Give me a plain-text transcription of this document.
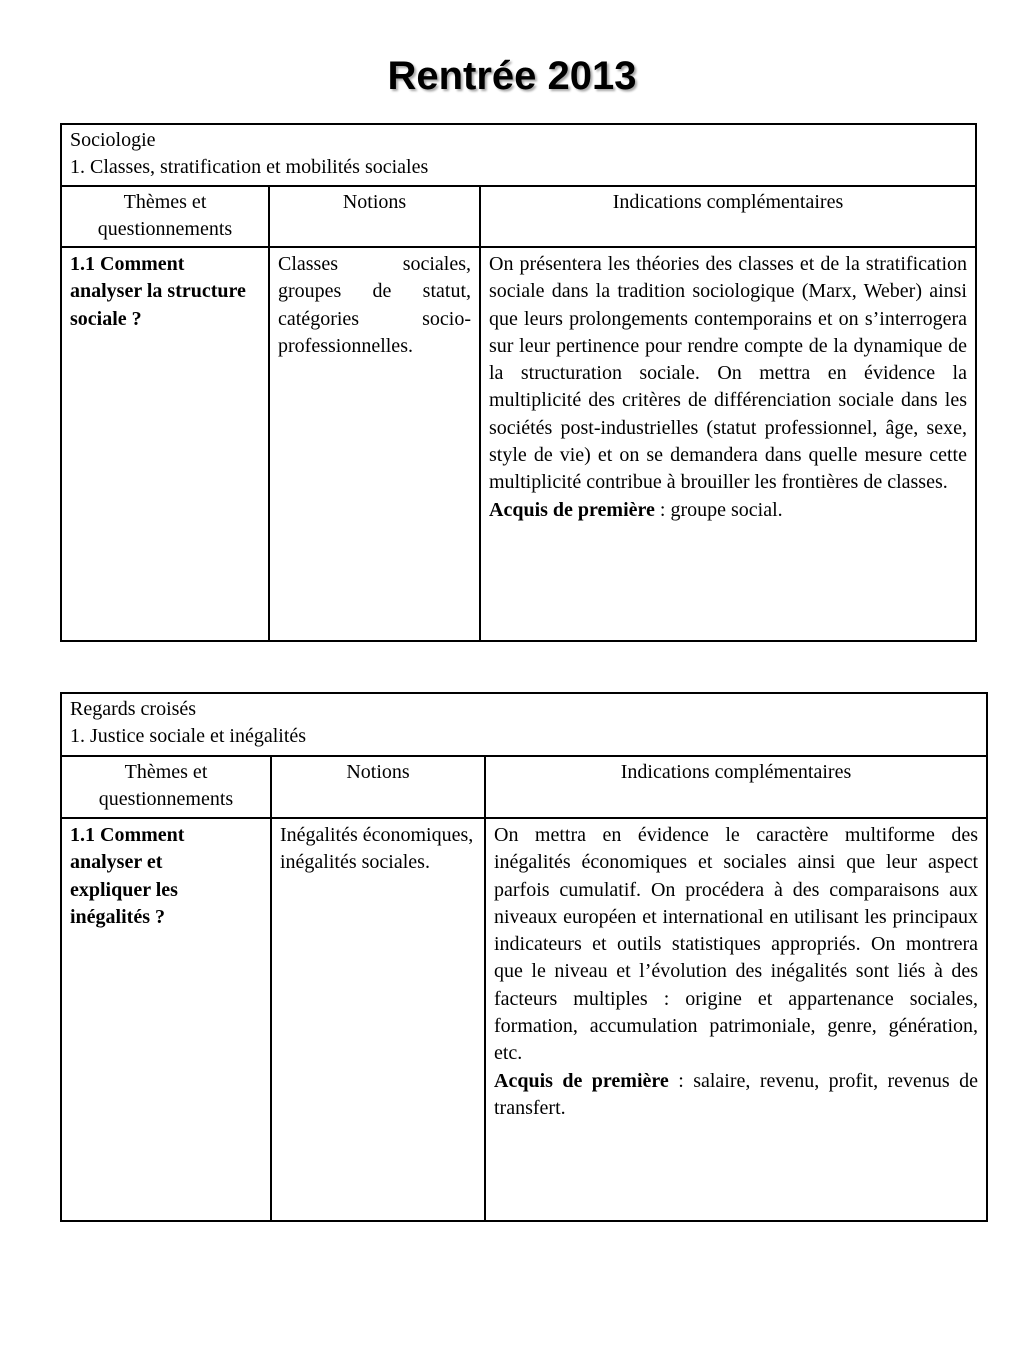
Rentrée 2013
Sociologie
1. Classes, stratification et mobilités sociales		

Thèmes et questionnements	Notions	Indications complémentaires
1.1 Comment analyser la structure sociale ?	Classes sociales, groupes de statut, catégories socio-professionnelles.	On présentera les théories des classes et de la stratification sociale dans la tradition sociologique (Marx, Weber) ainsi que leurs prolongements contemporains et on s’interrogera sur leur pertinence pour rendre compte de la dynamique de la structuration sociale. On mettra en évidence la multiplicité des critères de différenciation sociale dans les sociétés post-industrielles (statut professionnel, âge, sexe, style de vie) et on se demandera dans quelle mesure cette multiplicité contribue à brouiller les frontières de classes.
Acquis de première : groupe social.
Regards croisés
1. Justice sociale et inégalités		

Thèmes et questionnements	Notions	Indications complémentaires
1.1 Comment analyser et expliquer les inégalités ?	Inégalités économiques, inégalités sociales.	On mettra en évidence le caractère multiforme des inégalités économiques et sociales ainsi que leur aspect parfois cumulatif. On procédera à des comparaisons aux niveaux européen et international en utilisant les principaux indicateurs et outils statistiques appropriés. On montrera que le niveau et l’évolution des inégalités sont liés à des facteurs multiples : origine et appartenance sociales, formation, accumulation patrimoniale, genre, génération, etc.
Acquis de première : salaire, revenu, profit, revenus de transfert.
